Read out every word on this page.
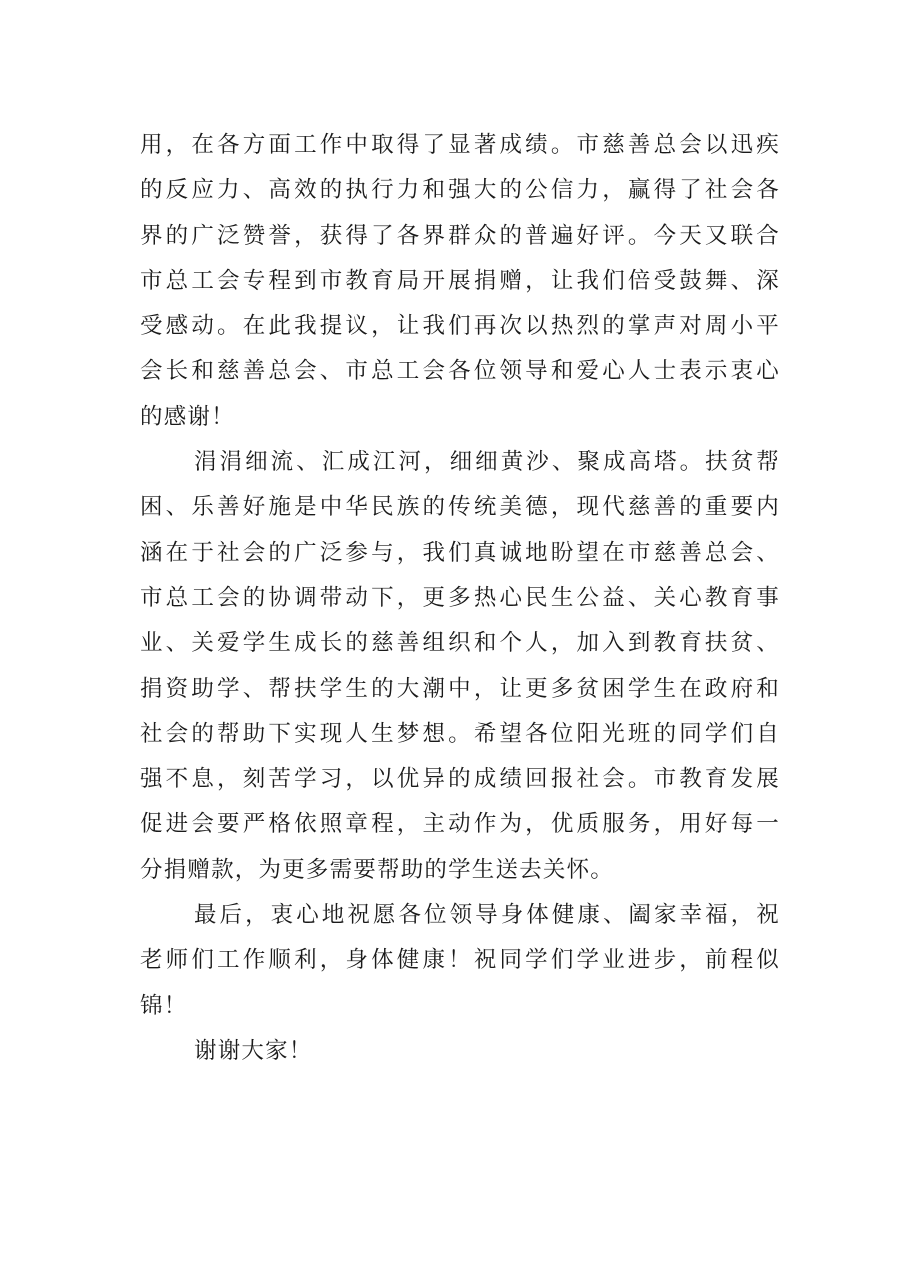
用，在各方面工作中取得了显著成绩。市慈善总会以迅疾
的反应力、高效的执行力和强大的公信力，赢得了社会各
界的广泛赞誉，获得了各界群众的普遍好评。今天又联合
市总工会专程到市教育局开展捐赠，让我们倍受鼓舞、深
受感动。在此我提议，让我们再次以热烈的掌声对周小平
会长和慈善总会、市总工会各位领导和爱心人士表示衷心
的感谢！
涓涓细流、汇成江河，细细黄沙、聚成高塔。扶贫帮
困、乐善好施是中华民族的传统美德，现代慈善的重要内
涵在于社会的广泛参与，我们真诚地盼望在市慈善总会、
市总工会的协调带动下，更多热心民生公益、关心教育事
业、关爱学生成长的慈善组织和个人，加入到教育扶贫、
捐资助学、帮扶学生的大潮中，让更多贫困学生在政府和
社会的帮助下实现人生梦想。希望各位阳光班的同学们自
强不息，刻苦学习，以优异的成绩回报社会。市教育发展
促进会要严格依照章程，主动作为，优质服务，用好每一
分捐赠款，为更多需要帮助的学生送去关怀。
最后，衷心地祝愿各位领导身体健康、阖家幸福，祝
老师们工作顺利，身体健康！祝同学们学业进步，前程似
锦！
谢谢大家！
